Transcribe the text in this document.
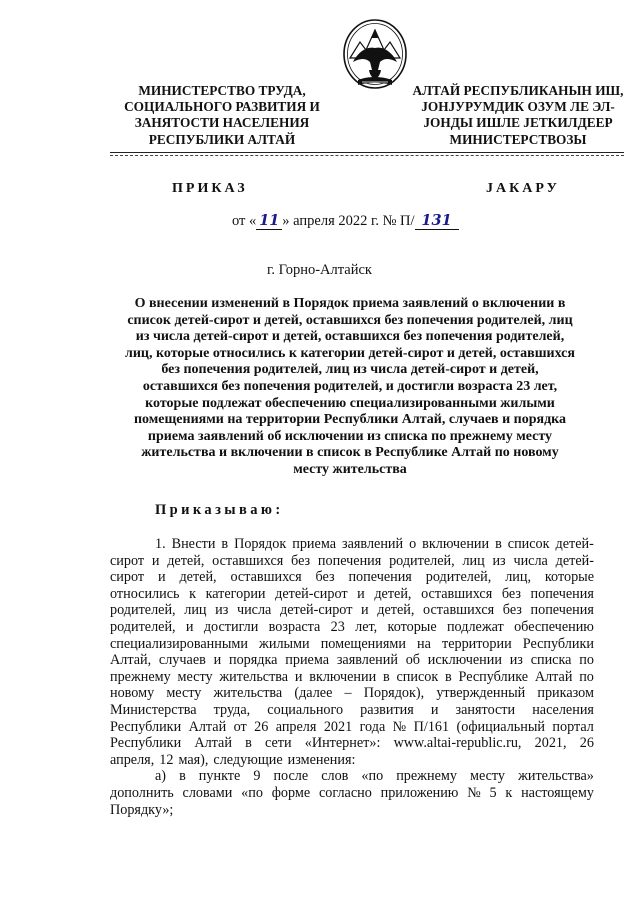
МИНИСТЕРСТВО ТРУДА,
СОЦИАЛЬНОГО РАЗВИТИЯ И
ЗАНЯТОСТИ НАСЕЛЕНИЯ
РЕСПУБЛИКИ АЛТАЙ
АЛТАЙ РЕСПУБЛИКАНЫН ИШ,
ЈОНЈУРУМДИК ОЗУМ ЛЕ ЭЛ-
ЈОНДЫ ИШЛЕ ЈЕТКИЛДЕЕР
МИНИСТЕРСТВОЗЫ
ПРИКАЗ	ЈАКАРУ
от « 11 » апреля 2022 г. № П/ 131
г. Горно-Алтайск
О внесении изменений в Порядок приема заявлений о включении в
список детей-сирот и детей, оставшихся без попечения родителей, лиц
из числа детей-сирот и детей, оставшихся без попечения родителей,
лиц, которые относились к категории детей-сирот и детей, оставшихся
без попечения родителей, лиц из числа детей-сирот и детей,
оставшихся без попечения родителей, и достигли возраста 23 лет,
которые подлежат обеспечению специализированными жилыми
помещениями на территории Республики Алтай, случаев и порядка
приема заявлений об исключении из списка по прежнему месту
жительства и включении в список в Республике Алтай по новому
месту жительства
Приказываю:
1. Внести в Порядок приема заявлений о включении в список детей-
сирот и детей, оставшихся без попечения родителей, лиц из числа детей-
сирот и детей, оставшихся без попечения родителей, лиц, которые
относились к категории детей-сирот и детей, оставшихся без попечения
родителей, лиц из числа детей-сирот и детей, оставшихся без попечения
родителей, и достигли возраста 23 лет, которые подлежат обеспечению
специализированными жилыми помещениями на территории Республики
Алтай, случаев и порядка приема заявлений об исключении из списка по
прежнему месту жительства и включении в список в Республике Алтай по
новому месту жительства (далее – Порядок), утвержденный приказом
Министерства труда, социального развития и занятости населения
Республики Алтай от 26 апреля 2021 года № П/161 (официальный портал
Республики Алтай в сети «Интернет»: www.altai-republic.ru, 2021, 26
апреля, 12 мая), следующие изменения:
а) в пункте 9 после слов «по прежнему месту жительства»
дополнить словами «по форме согласно приложению № 5 к настоящему
Порядку»;
